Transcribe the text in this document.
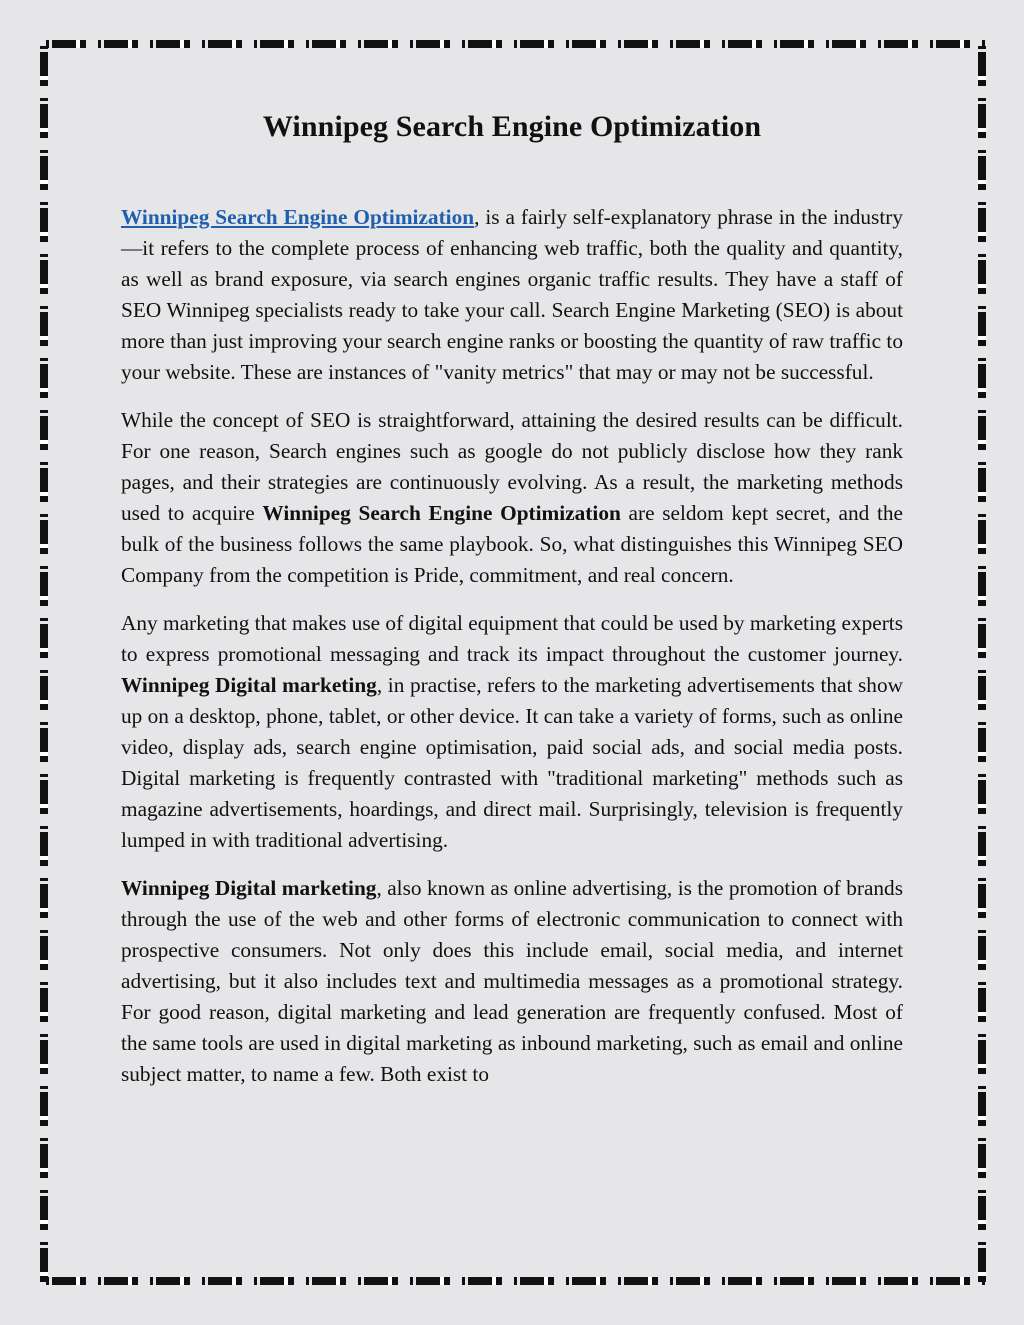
Winnipeg Search Engine Optimization

Winnipeg Search Engine Optimization, is a fairly self-explanatory phrase in the industry—it refers to the complete process of enhancing web traffic, both the quality and quantity, as well as brand exposure, via search engines organic traffic results. They have a staff of SEO Winnipeg specialists ready to take your call. Search Engine Marketing (SEO) is about more than just improving your search engine ranks or boosting the quantity of raw traffic to your website. These are instances of "vanity metrics" that may or may not be successful.

While the concept of SEO is straightforward, attaining the desired results can be difficult. For one reason, Search engines such as google do not publicly disclose how they rank pages, and their strategies are continuously evolving. As a result, the marketing methods used to acquire Winnipeg Search Engine Optimization are seldom kept secret, and the bulk of the business follows the same playbook. So, what distinguishes this Winnipeg SEO Company from the competition is Pride, commitment, and real concern.

Any marketing that makes use of digital equipment that could be used by marketing experts to express promotional messaging and track its impact throughout the customer journey. Winnipeg Digital marketing, in practise, refers to the marketing advertisements that show up on a desktop, phone, tablet, or other device. It can take a variety of forms, such as online video, display ads, search engine optimisation, paid social ads, and social media posts. Digital marketing is frequently contrasted with "traditional marketing" methods such as magazine advertisements, hoardings, and direct mail. Surprisingly, television is frequently lumped in with traditional advertising.

Winnipeg Digital marketing, also known as online advertising, is the promotion of brands through the use of the web and other forms of electronic communication to connect with prospective consumers. Not only does this include email, social media, and internet advertising, but it also includes text and multimedia messages as a promotional strategy. For good reason, digital marketing and lead generation are frequently confused. Most of the same tools are used in digital marketing as inbound marketing, such as email and online subject matter, to name a few. Both exist to
